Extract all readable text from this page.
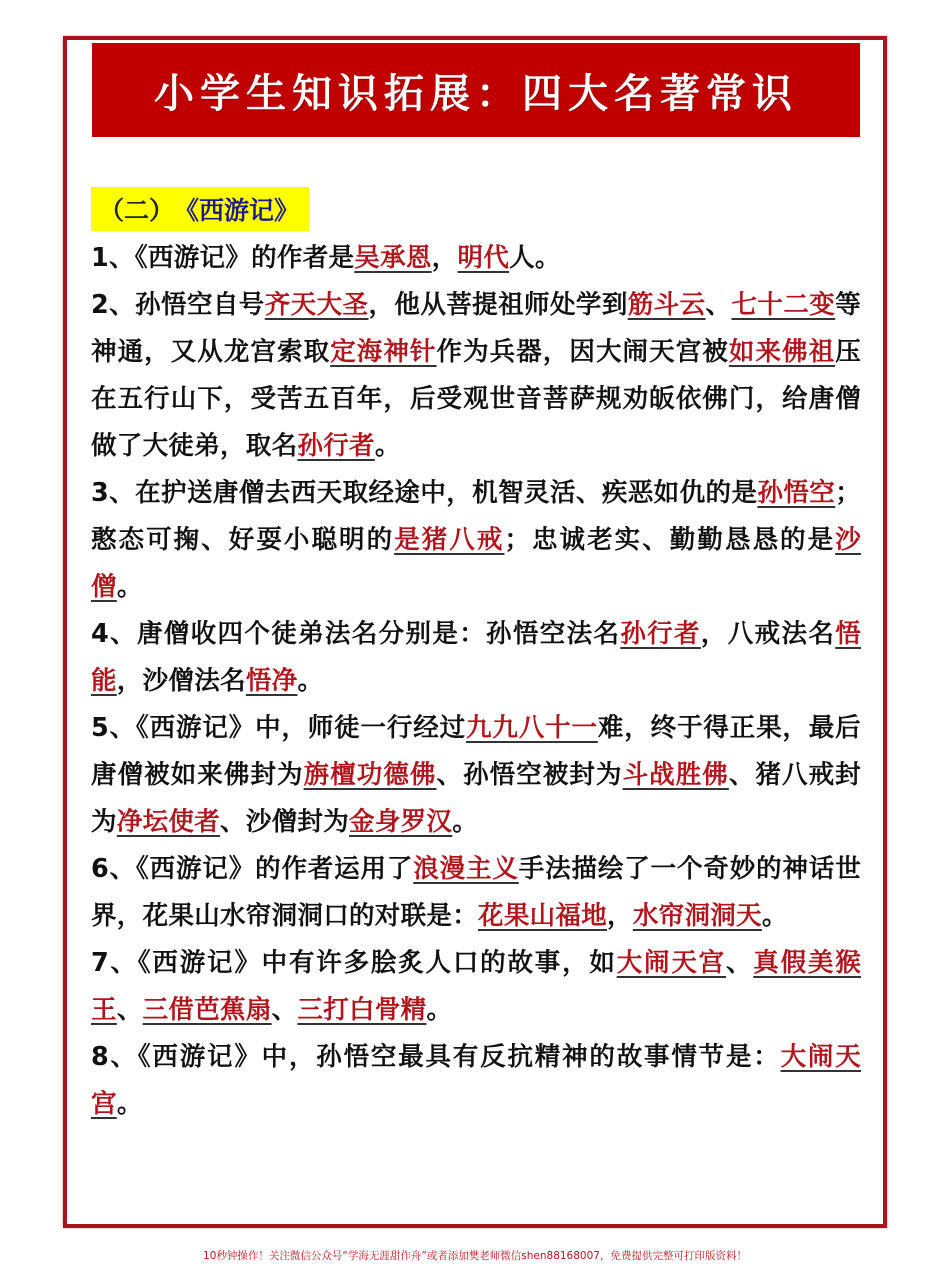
小学生知识拓展：四大名著常识
（二） 《西游记》

1、《西游记》的作者是吴承恩，明代人。

2、孙悟空自号齐天大圣，他从菩提祖师处学到筋斗云、七十二变等神通，又从龙宫索取定海神针作为兵器，因大闹天宫被如来佛祖压在五行山下，受苦五百年，后受观世音菩萨规劝皈依佛门，给唐僧做了大徒弟，取名孙行者。

3、在护送唐僧去西天取经途中，机智灵活、疾恶如仇的是孙悟空；憨态可掬、好耍小聪明的是猪八戒；忠诚老实、勤勤恳恳的是沙僧。

4、唐僧收四个徒弟法名分别是：孙悟空法名孙行者，八戒法名悟能，沙僧法名悟净。

5、《西游记》中，师徒一行经过九九八十一难，终于得正果，最后唐僧被如来佛封为旃檀功德佛、孙悟空被封为斗战胜佛、猪八戒封为净坛使者、沙僧封为金身罗汉。

6、《西游记》的作者运用了浪漫主义手法描绘了一个奇妙的神话世界，花果山水帘洞洞口的对联是：花果山福地，水帘洞洞天。

7、《西游记》中有许多脍炙人口的故事，如大闹天宫、真假美猴王、三借芭蕉扇、三打白骨精。

8、《西游记》中，孙悟空最具有反抗精神的故事情节是：大闹天宫。

10秒钟操作！关注微信公众号“学海无涯甜作舟”或者添加樊老师微信shen88168007，免费提供完整可打印版资料！
